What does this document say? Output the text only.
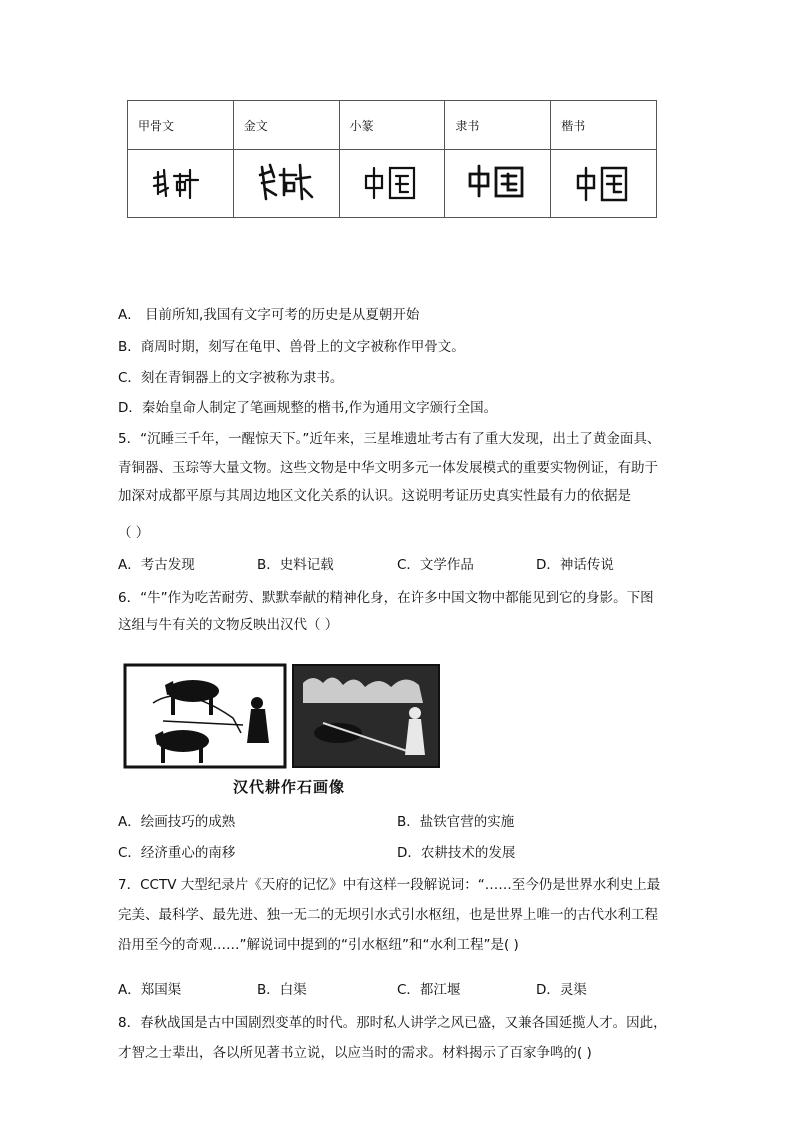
甲骨文	金文	小篆	隶书	楷书

A． 目前所知,我国有文字可考的历史是从夏朝开始
B．商周时期，刻写在龟甲、兽骨上的文字被称作甲骨文。
C．刻在青铜器上的文字被称为隶书。
D．秦始皇命人制定了笔画规整的楷书,作为通用文字颁行全国。
5．“沉睡三千年，一醒惊天下。”近年来，三星堆遗址考古有了重大发现，出土了黄金面具、
青铜器、玉琮等大量文物。这些文物是中华文明多元一体发展模式的重要实物例证，有助于
加深对成都平原与其周边地区文化关系的认识。这说明考证历史真实性最有力的依据是
（ ）
A．考古发现	B．史料记载	C．文学作品	D．神话传说
6．“牛”作为吃苦耐劳、默默奉献的精神化身，在许多中国文物中都能见到它的身影。下图
这组与牛有关的文物反映出汉代（ ）
汉代耕作石画像
A．绘画技巧的成熟	B．盐铁官营的实施
C．经济重心的南移	D．农耕技术的发展
7．CCTV 大型纪录片《天府的记忆》中有这样一段解说词：“……至今仍是世界水利史上最
完美、最科学、最先进、独一无二的无坝引水式引水枢纽，也是世界上唯一的古代水利工程
沿用至今的奇观……”解说词中提到的“引水枢纽”和“水利工程”是( )
A．郑国渠	B．白渠	C．都江堰	D．灵渠
8．春秋战国是古中国剧烈变革的时代。那时私人讲学之风已盛，又兼各国延揽人才。因此，
才智之士辈出，各以所见著书立说，以应当时的需求。材料揭示了百家争鸣的( )
